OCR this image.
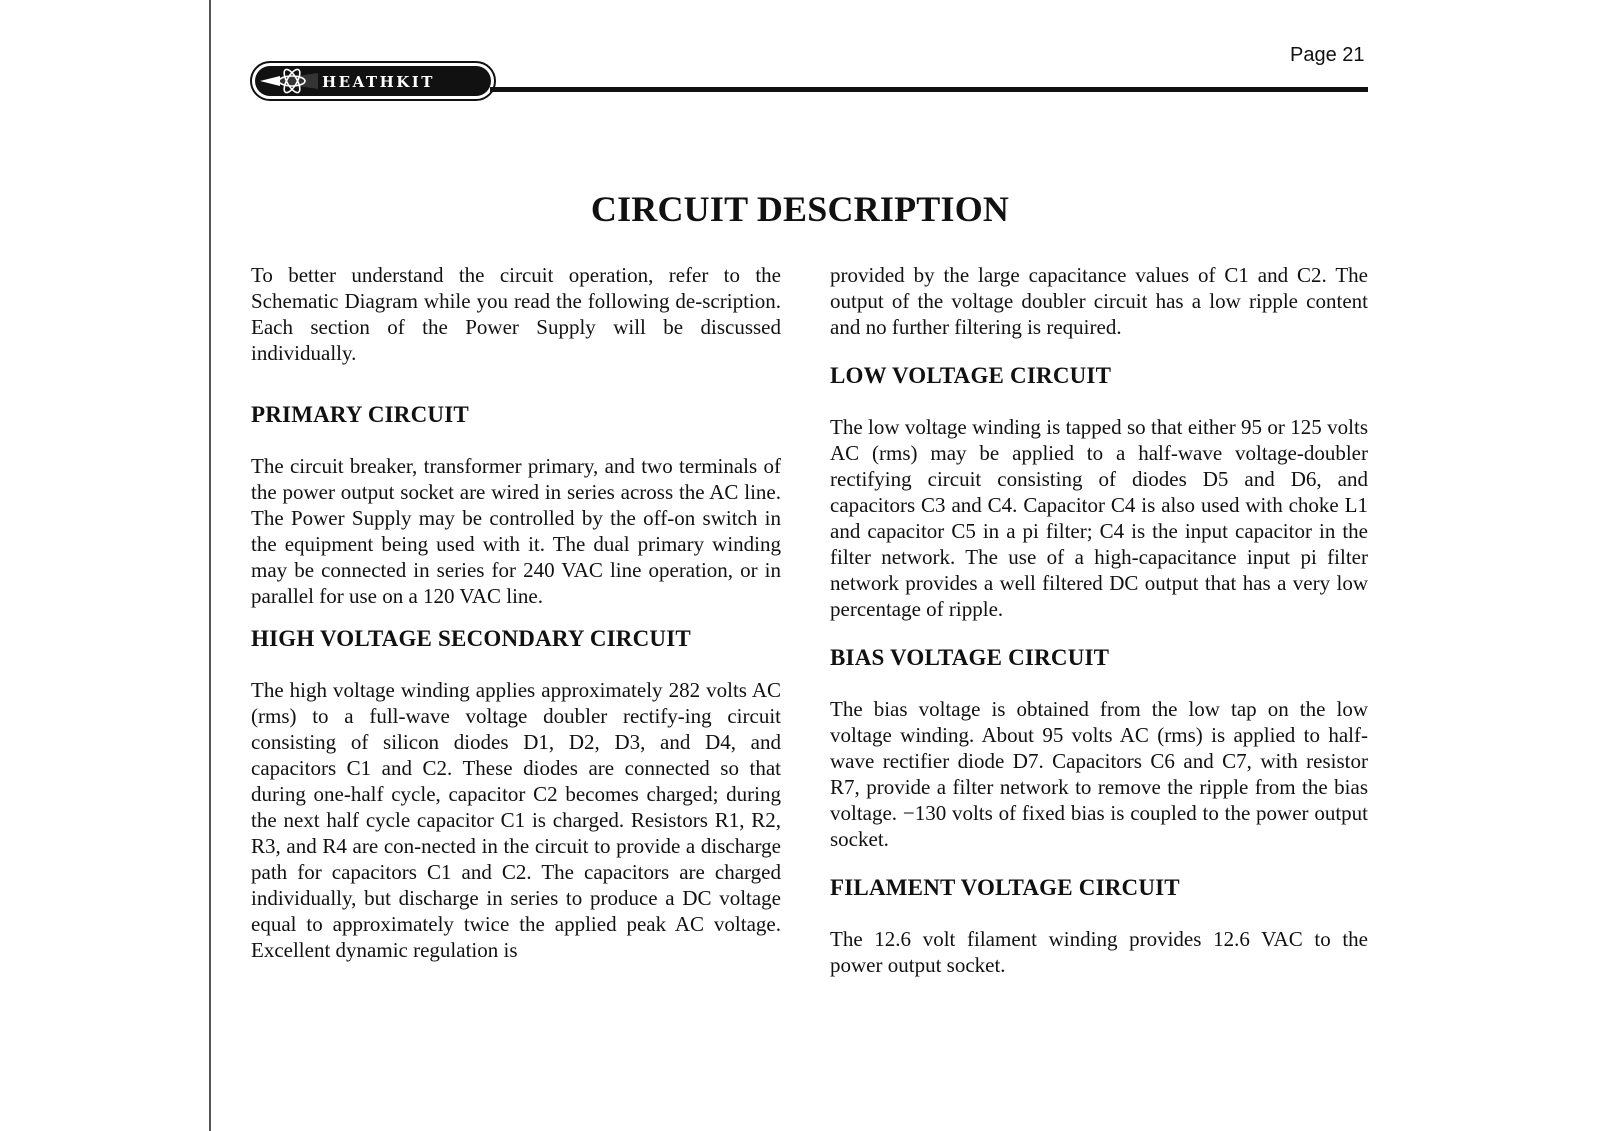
HEATHKIT
Page 21
CIRCUIT DESCRIPTION

To better understand the circuit operation, refer to the Schematic Diagram while you read the following de-scription. Each section of the Power Supply will be discussed individually.

PRIMARY CIRCUIT

The circuit breaker, transformer primary, and two terminals of the power output socket are wired in series across the AC line. The Power Supply may be controlled by the off-on switch in the equipment being used with it. The dual primary winding may be connected in series for 240 VAC line operation, or in parallel for use on a 120 VAC line.

HIGH VOLTAGE SECONDARY CIRCUIT

The high voltage winding applies approximately 282 volts AC (rms) to a full-wave voltage doubler rectify-ing circuit consisting of silicon diodes D1, D2, D3, and D4, and capacitors C1 and C2. These diodes are connected so that during one-half cycle, capacitor C2 becomes charged; during the next half cycle capacitor C1 is charged. Resistors R1, R2, R3, and R4 are con-nected in the circuit to provide a discharge path for capacitors C1 and C2. The capacitors are charged individually, but discharge in series to produce a DC voltage equal to approximately twice the applied peak AC voltage. Excellent dynamic regulation is

provided by the large capacitance values of C1 and C2. The output of the voltage doubler circuit has a low ripple content and no further filtering is required.

LOW VOLTAGE CIRCUIT

The low voltage winding is tapped so that either 95 or 125 volts AC (rms) may be applied to a half-wave voltage-doubler rectifying circuit consisting of diodes D5 and D6, and capacitors C3 and C4. Capacitor C4 is also used with choke L1 and capacitor C5 in a pi filter; C4 is the input capacitor in the filter network. The use of a high-capacitance input pi filter network provides a well filtered DC output that has a very low percentage of ripple.

BIAS VOLTAGE CIRCUIT

The bias voltage is obtained from the low tap on the low voltage winding. About 95 volts AC (rms) is applied to half-wave rectifier diode D7. Capacitors C6 and C7, with resistor R7, provide a filter network to remove the ripple from the bias voltage. −130 volts of fixed bias is coupled to the power output socket.

FILAMENT VOLTAGE CIRCUIT

The 12.6 volt filament winding provides 12.6 VAC to the power output socket.
